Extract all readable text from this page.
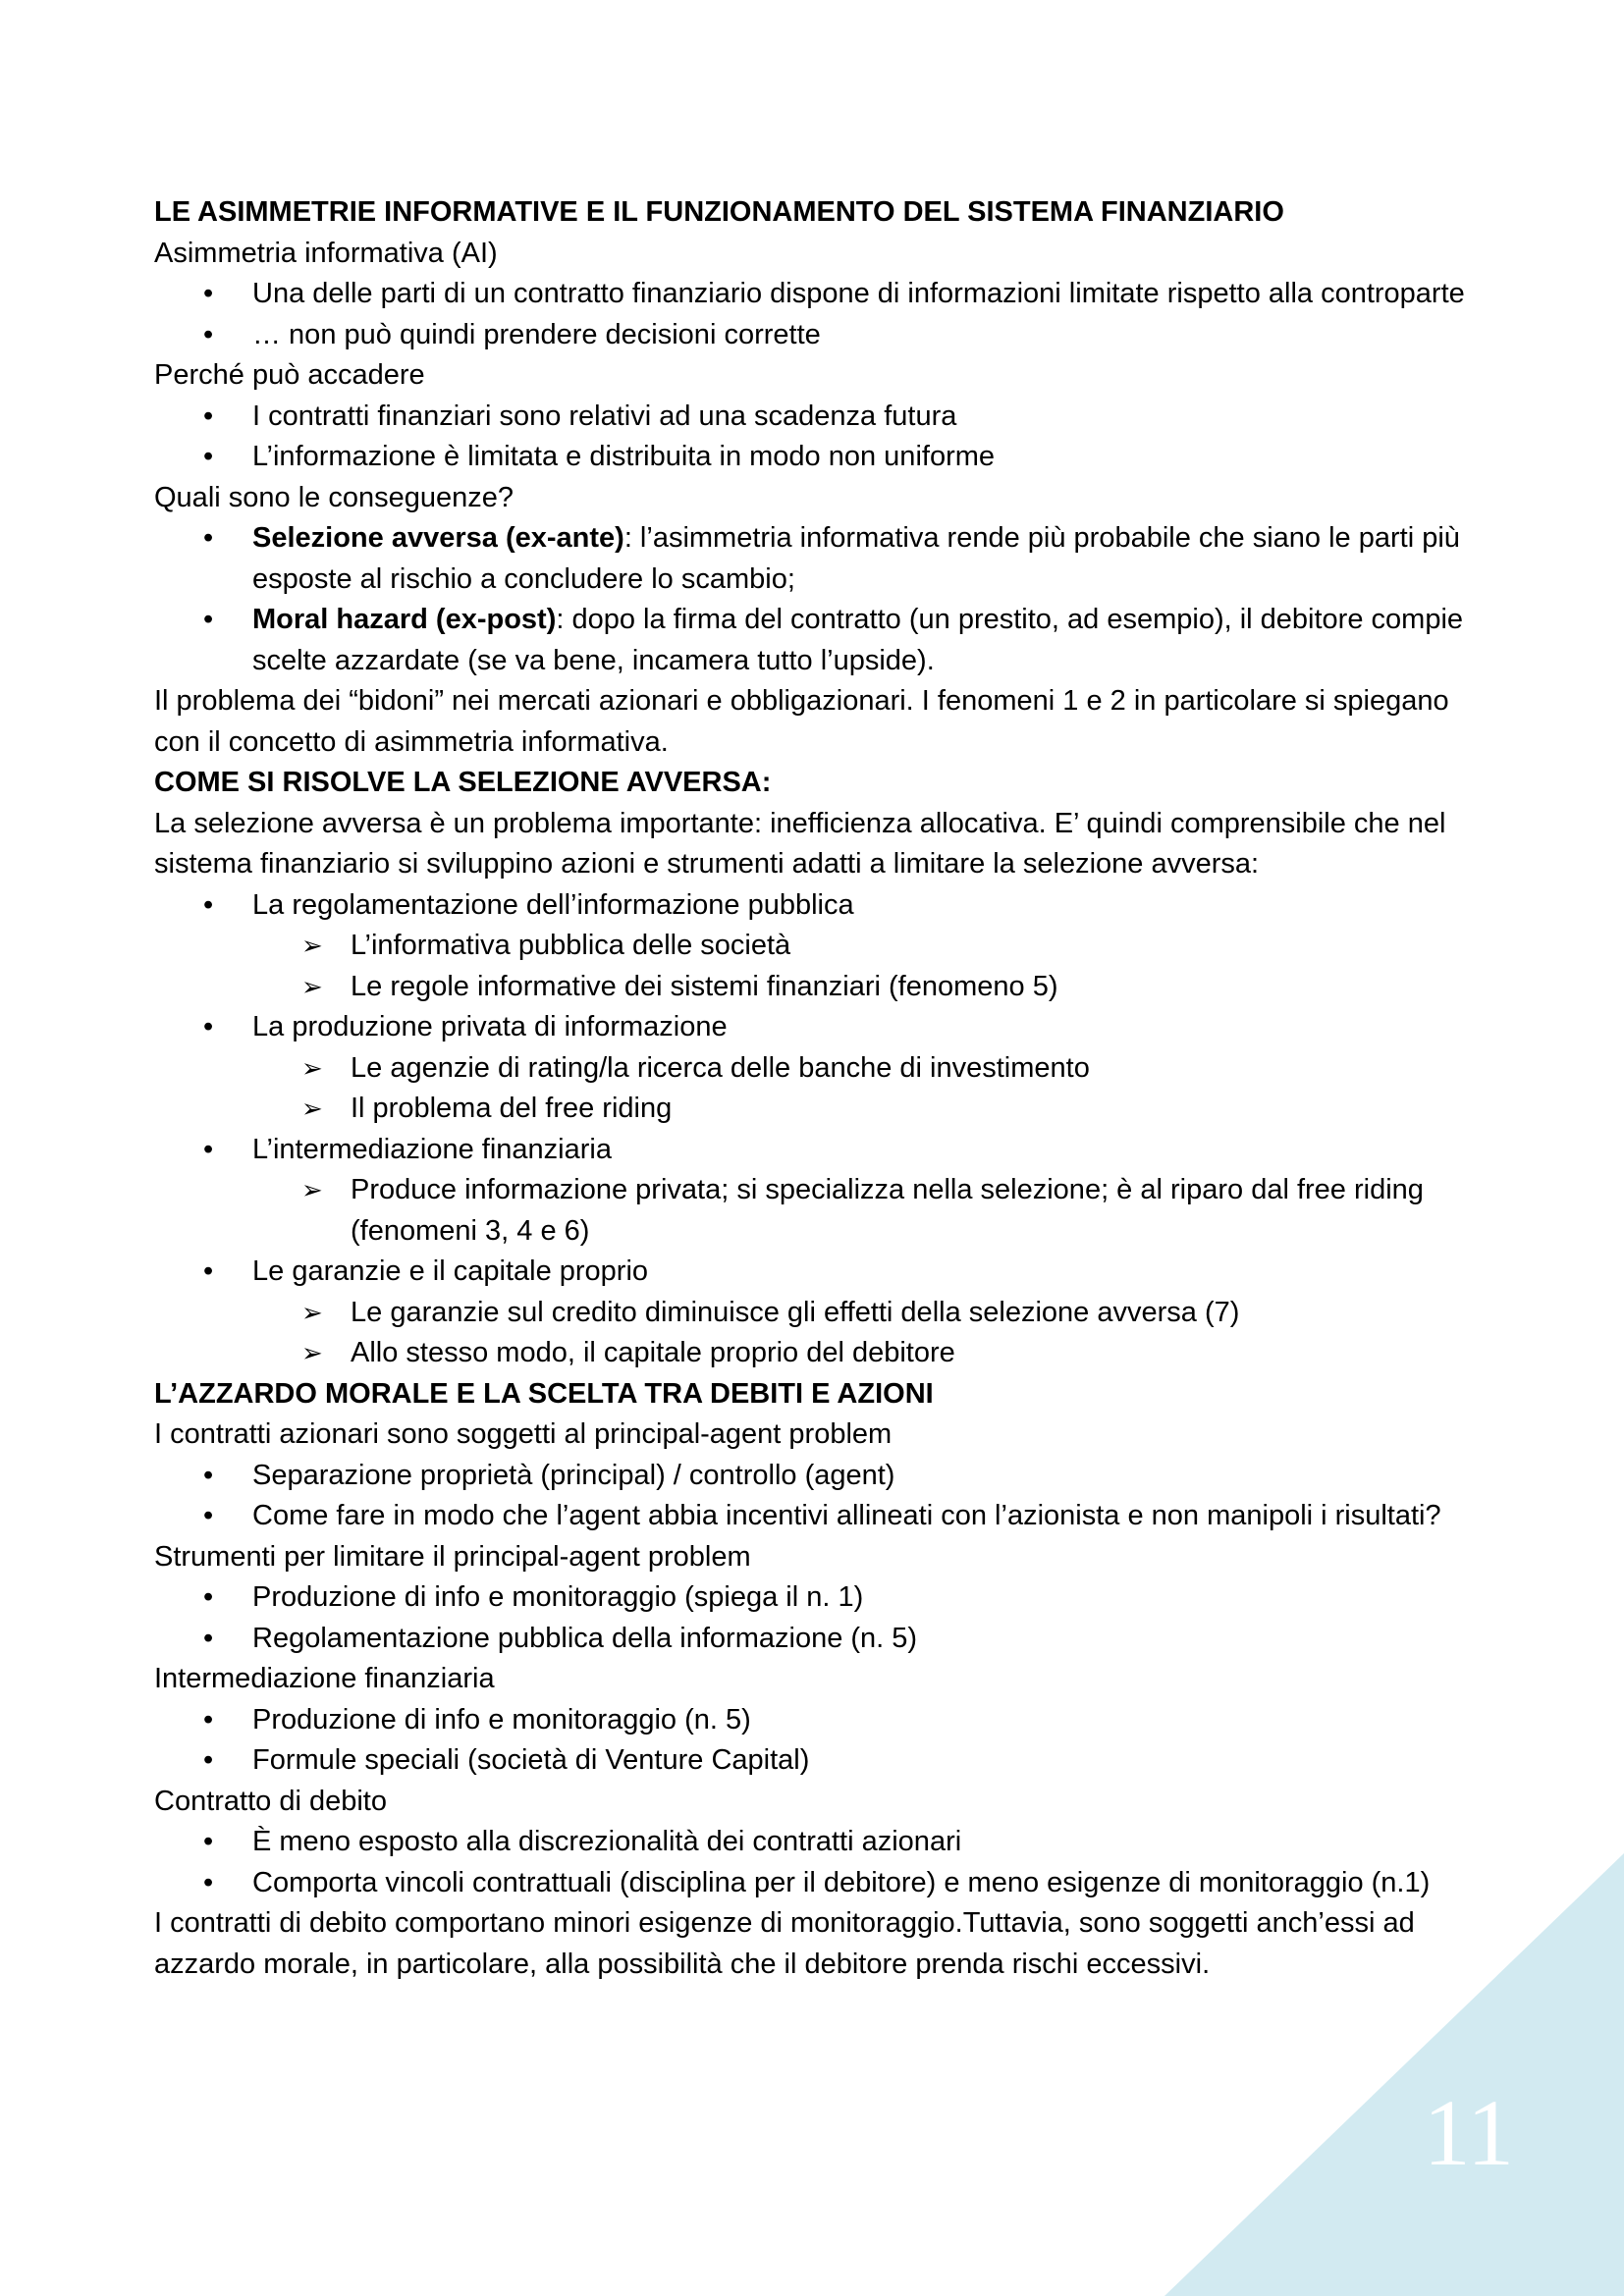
11

LE ASIMMETRIE INFORMATIVE E IL FUNZIONAMENTO DEL SISTEMA FINANZIARIO

Asimmetria informativa (AI)

• Una delle parti di un contratto finanziario dispone di informazioni limitate rispetto alla controparte
• … non può quindi prendere decisioni corrette

Perché può accadere

• I contratti finanziari sono relativi ad una scadenza futura
• L’informazione è limitata e distribuita in modo non uniforme

Quali sono le conseguenze?

• Selezione avversa (ex-ante): l’asimmetria informativa rende più probabile che siano le parti più esposte al rischio a concludere lo scambio;
• Moral hazard (ex-post): dopo la firma del contratto (un prestito, ad esempio), il debitore compie scelte azzardate (se va bene, incamera tutto l’upside).

Il problema dei “bidoni” nei mercati azionari e obbligazionari. I fenomeni 1 e 2 in particolare si spiegano con il concetto di asimmetria informativa.

COME SI RISOLVE LA SELEZIONE AVVERSA:

La selezione avversa è un problema importante: inefficienza allocativa. E’ quindi comprensibile che nel sistema finanziario si sviluppino azioni e strumenti adatti a limitare la selezione avversa:

• La regolamentazione dell’informazione pubblica
➢ L’informativa pubblica delle società
➢ Le regole informative dei sistemi finanziari (fenomeno 5)
• La produzione privata di informazione
➢ Le agenzie di rating/la ricerca delle banche di investimento
➢ Il problema del free riding
• L’intermediazione finanziaria
➢ Produce informazione privata; si specializza nella selezione; è al riparo dal free riding (fenomeni 3, 4 e 6)
• Le garanzie e il capitale proprio
➢ Le garanzie sul credito diminuisce gli effetti della selezione avversa (7)
➢ Allo stesso modo, il capitale proprio del debitore

L’AZZARDO MORALE E LA SCELTA TRA DEBITI E AZIONI

I contratti azionari sono soggetti al principal-agent problem

• Separazione proprietà (principal) / controllo (agent)
• Come fare in modo che l’agent abbia incentivi allineati con l’azionista e non manipoli i risultati?

Strumenti per limitare il principal-agent problem

• Produzione di info e monitoraggio (spiega il n. 1)
• Regolamentazione pubblica della informazione (n. 5)

Intermediazione finanziaria

• Produzione di info e monitoraggio (n. 5)
• Formule speciali (società di Venture Capital)

Contratto di debito

• È meno esposto alla discrezionalità dei contratti azionari
• Comporta vincoli contrattuali (disciplina per il debitore) e meno esigenze di monitoraggio (n.1)

I contratti di debito comportano minori esigenze di monitoraggio.Tuttavia, sono soggetti anch’essi ad azzardo morale, in particolare, alla possibilità che il debitore prenda rischi eccessivi.
